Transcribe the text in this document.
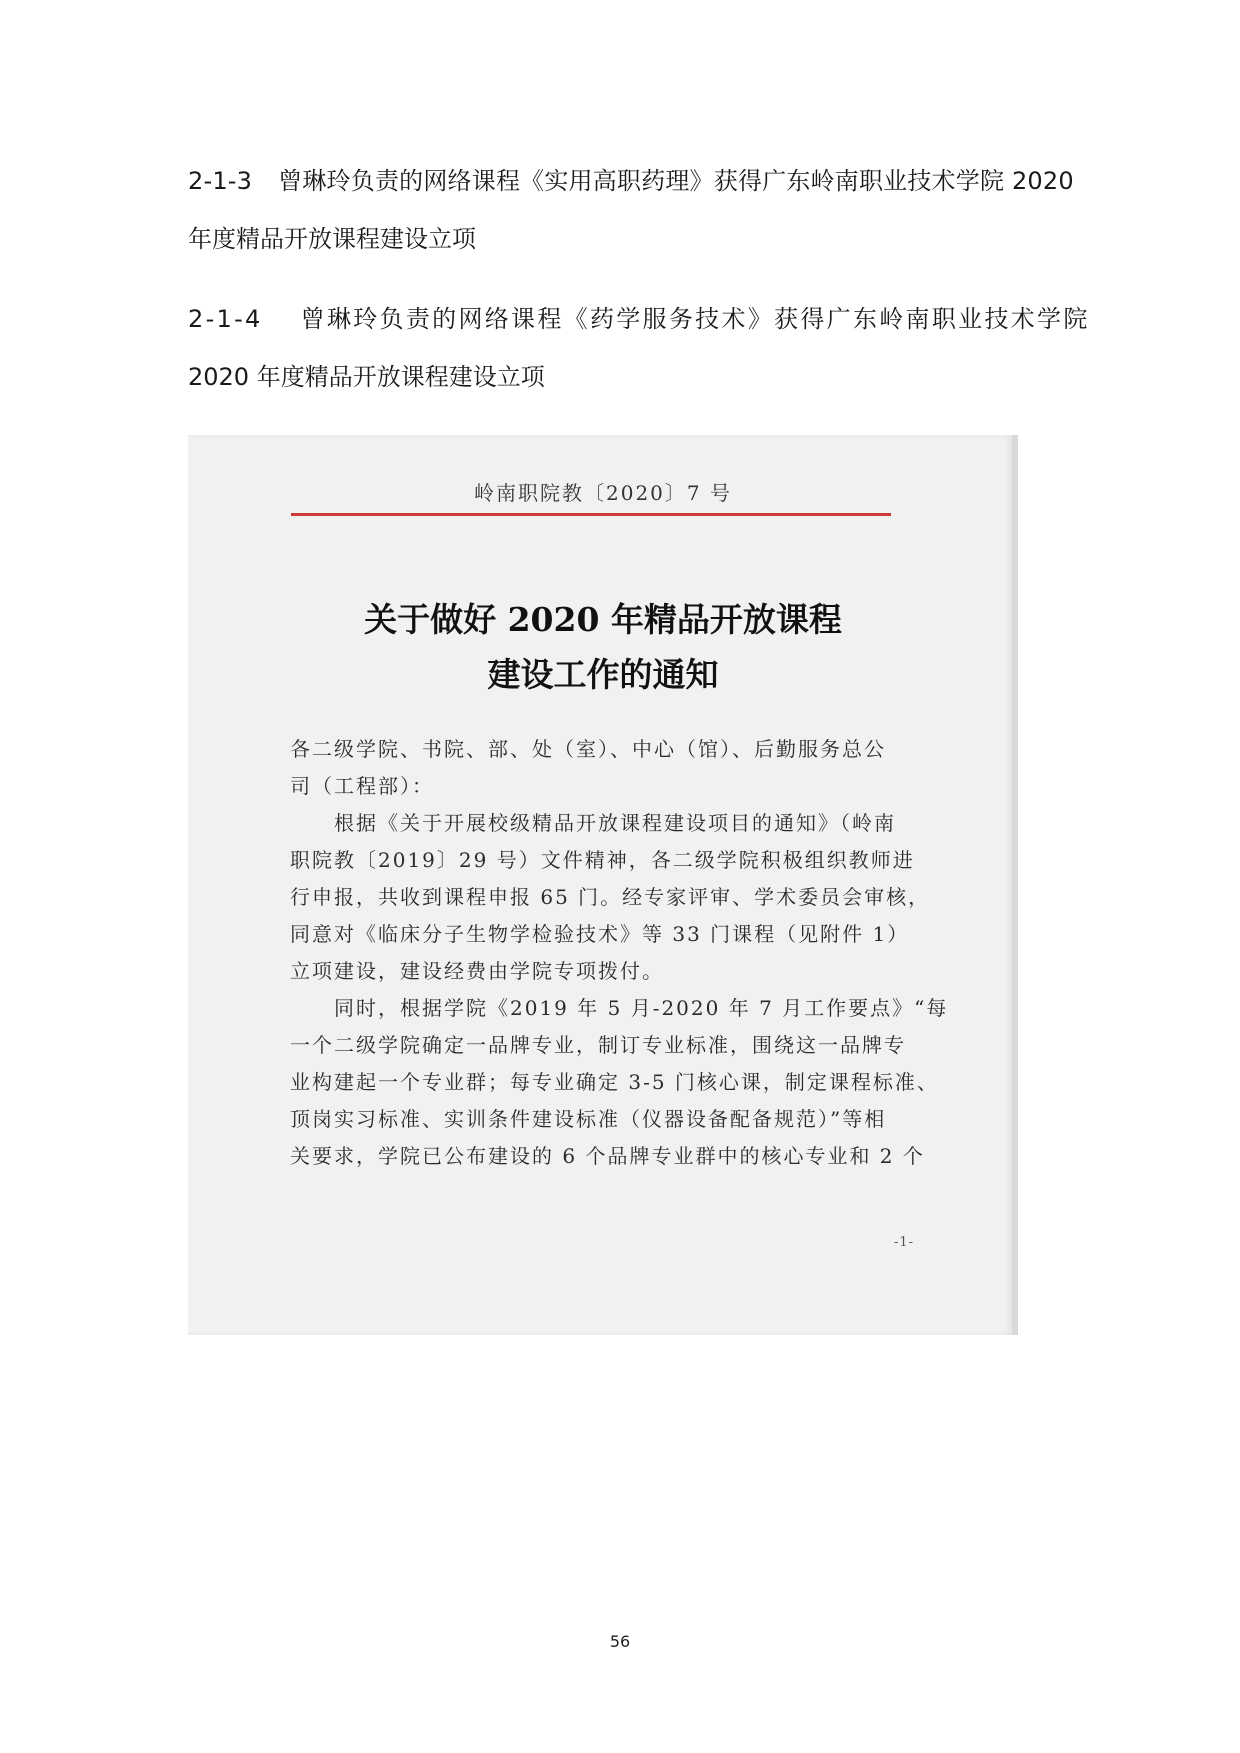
2-1-3 曾琳玲负责的网络课程《实用高职药理》获得广东岭南职业技术学院 2020
年度精品开放课程建设立项
2-1-4 曾琳玲负责的网络课程《药学服务技术》获得广东岭南职业技术学院
2020 年度精品开放课程建设立项
岭南职院教〔2020〕7 号
关于做好 2020 年精品开放课程
建设工作的通知
各二级学院、书院、部、处（室）、中心（馆）、后勤服务总公
司（工程部）：
根据《关于开展校级精品开放课程建设项目的通知》（岭南
职院教〔2019〕29 号）文件精神，各二级学院积极组织教师进
行申报，共收到课程申报 65 门。经专家评审、学术委员会审核，
同意对《临床分子生物学检验技术》等 33 门课程（见附件 1）
立项建设，建设经费由学院专项拨付。
同时，根据学院《2019 年 5 月-2020 年 7 月工作要点》“每
一个二级学院确定一品牌专业，制订专业标准，围绕这一品牌专
业构建起一个专业群；每专业确定 3-5 门核心课，制定课程标准、
顶岗实习标准、实训条件建设标准（仪器设备配备规范）”等相
关要求，学院已公布建设的 6 个品牌专业群中的核心专业和 2 个
-1-
56
